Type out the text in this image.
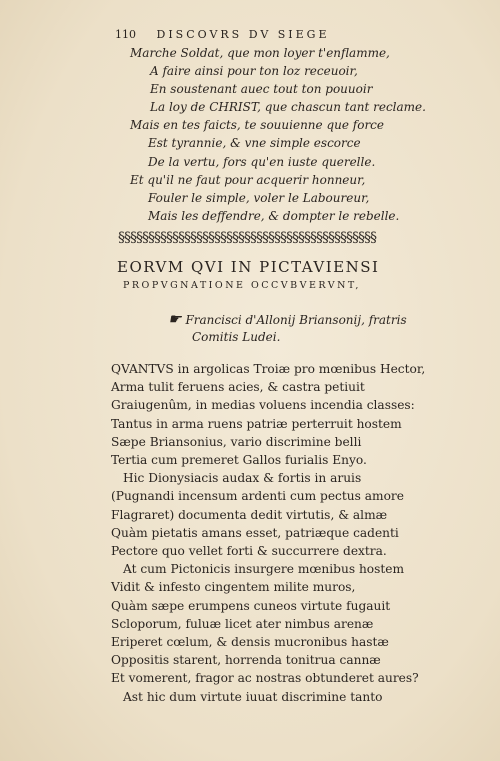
110 DISCOVRS DV SIEGE
Marche Soldat, que mon loyer t'enflamme,
A faire ainsi pour ton loz receuoir,
En soustenant auec tout ton pouuoir
La loy de CHRIST, que chascun tant reclame.
Mais en tes faicts, te souuienne que force
Est tyrannie, & vne simple escorce
De la vertu, fors qu'en iuste querelle.
Et qu'il ne faut pour acquerir honneur,
Fouler le simple, voler le Laboureur,
Mais les deffendre, & dompter le rebelle.
§§§§§§§§§§§§§§§§§§§§§§§§§§§§§§§§§§§§§§§§§§§
EORVM QVI IN PICTAVIENSI
PROPVGNATIONE OCCVBVERVNT,
☛ Francisci d'Allonij Briansonij, fratris
Comitis Ludei.
QVANTVS in argolicas Troiæ pro mœnibus Hector,
Arma tulit feruens acies, & castra petiuit
Graiugenûm, in medias voluens incendia classes:
Tantus in arma ruens patriæ perterruit hostem
Sæpe Briansonius, vario discrimine belli
Tertia cum premeret Gallos furialis Enyo.
Hic Dionysiacis audax & fortis in aruis
(Pugnandi incensum ardenti cum pectus amore
Flagraret) documenta dedit virtutis, & almæ
Quàm pietatis amans esset, patriæque cadenti
Pectore quo vellet forti & succurrere dextra.
At cum Pictonicis insurgere mœnibus hostem
Vidit & infesto cingentem milite muros,
Quàm sæpe erumpens cuneos virtute fugauit
Scloporum, fuluæ licet ater nimbus arenæ
Eriperet cœlum, & densis mucronibus hastæ
Oppositis starent, horrenda tonitrua cannæ
Et vomerent, fragor ac nostras obtunderet aures?
Ast hic dum virtute iuuat discrimine tanto
